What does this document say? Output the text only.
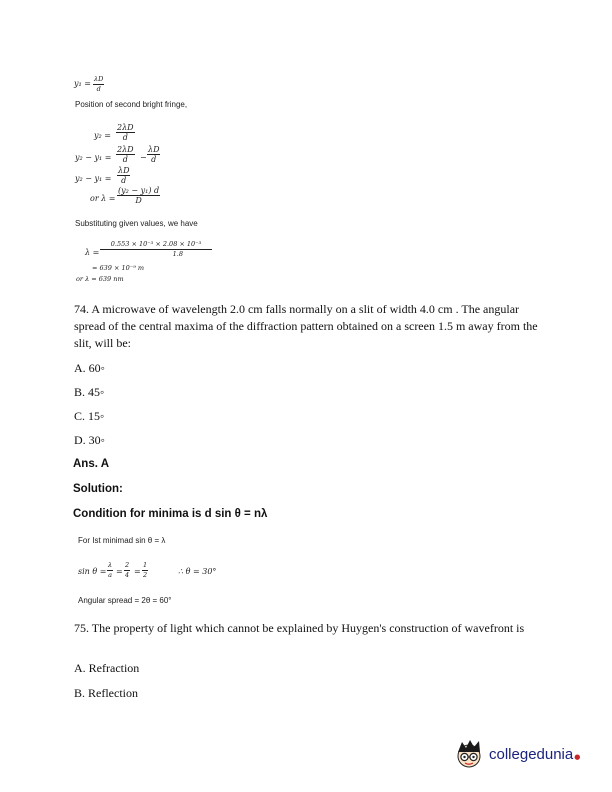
$y_1 = \frac{\lambda D}{d}$
Position of second bright fringe,
$y_2 = \frac{2\lambda D}{d}$
$y_2 - y_1 = \frac{2\lambda D}{d} - \frac{\lambda D}{d}$
$y_2 - y_1 = \frac{\lambda D}{d}$
or $\lambda = \frac{\text{(y₂ − y₁) d}}{D}$
Substituting given values, we have
$\lambda = \frac{\text{0.553 × 10⁻³ × 2.08 × 10⁻³}}{1.8}$
= 639 × 10⁻⁹ m
or λ = 639 nm
74. A microwave of wavelength 2.0 cm falls normally on a slit of width 4.0 cm . The angular spread of the central maxima of the diffraction pattern obtained on a screen 1.5 m away from the slit, will be:
A. 60◦
B. 45◦
C. 15◦
D. 30◦
Ans. A
Solution:
Condition for minima is d sin θ = nλ
For Ist minimad sin θ = λ
$\sin \theta = \frac{\lambda}{a} = \frac{2}{4} = \frac{1}{2}$	∴ θ = 30°
Angular spread = 2θ = 60°
75. The property of light which cannot be explained by Huygen's construction of wavefront is
A. Refraction
B. Reflection
collegedunia ●
